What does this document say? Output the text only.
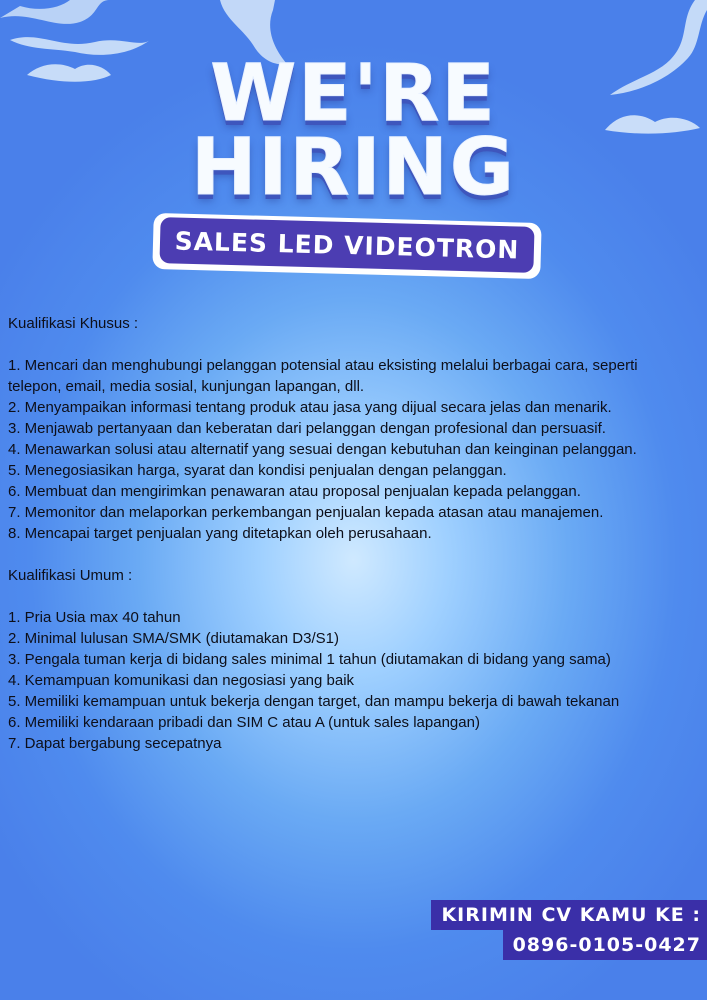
WE'RE
HIRING
SALES LED VIDEOTRON

Kualifikasi Khusus :

1. Mencari dan menghubungi pelanggan potensial atau eksisting melalui berbagai cara, seperti

telepon, email, media sosial, kunjungan lapangan, dll.

2. Menyampaikan informasi tentang produk atau jasa yang dijual secara jelas dan menarik.

3. Menjawab pertanyaan dan keberatan dari pelanggan dengan profesional dan persuasif.

4. Menawarkan solusi atau alternatif yang sesuai dengan kebutuhan dan keinginan pelanggan.

5. Menegosiasikan harga, syarat dan kondisi penjualan dengan pelanggan.

6. Membuat dan mengirimkan penawaran atau proposal penjualan kepada pelanggan.

7. Memonitor dan melaporkan perkembangan penjualan kepada atasan atau manajemen.

8. Mencapai target penjualan yang ditetapkan oleh perusahaan.

Kualifikasi Umum :

1. Pria Usia max 40 tahun

2. Minimal lulusan SMA/SMK (diutamakan D3/S1)

3. Pengala tuman kerja di bidang sales minimal 1 tahun (diutamakan di bidang yang sama)

4. Kemampuan komunikasi dan negosiasi yang baik

5. Memiliki kemampuan untuk bekerja dengan target, dan mampu bekerja di bawah tekanan

6. Memiliki kendaraan pribadi dan SIM C atau A (untuk sales lapangan)

7. Dapat bergabung secepatnya

KIRIMIN CV KAMU KE :
0896-0105-0427
